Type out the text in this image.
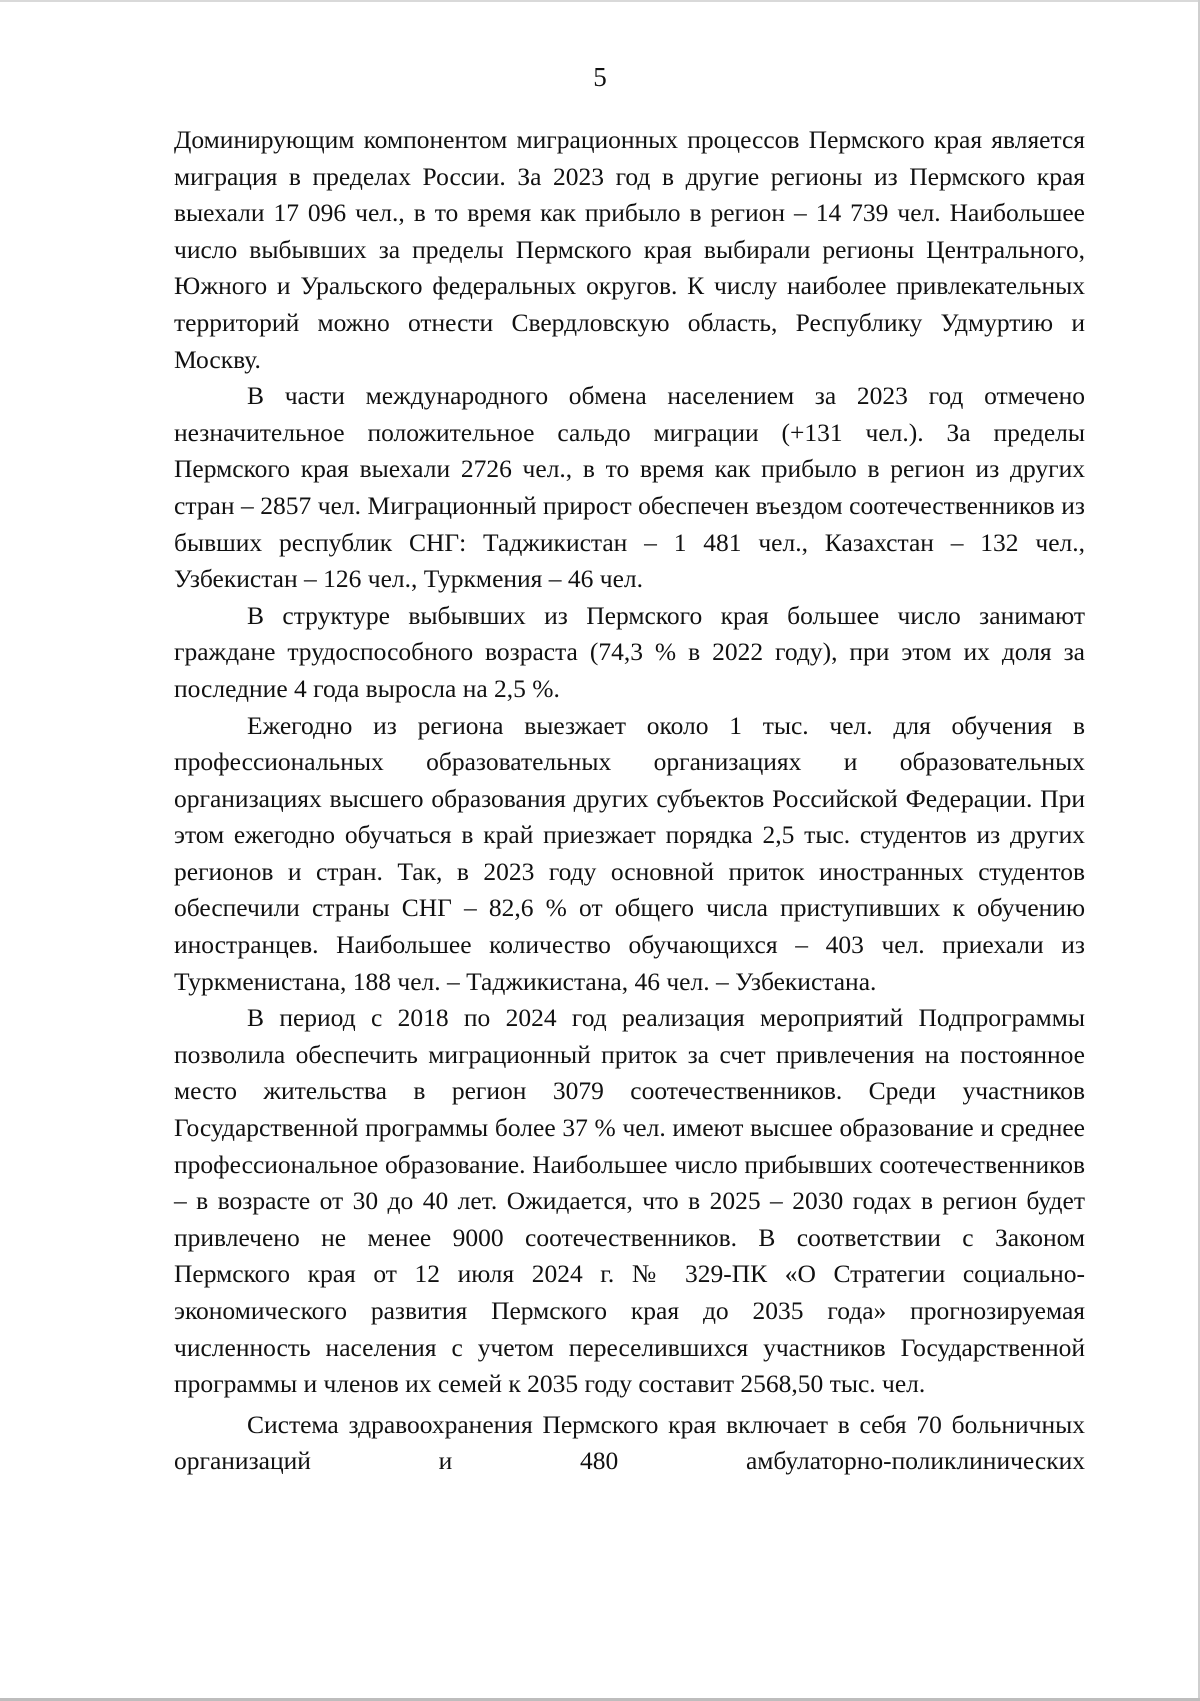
5

Доминирующим компонентом миграционных процессов Пермского края является миграция в пределах России. За 2023 год в другие регионы из Пермского края выехали 17 096 чел., в то время как прибыло в регион – 14 739 чел. Наибольшее число выбывших за пределы Пермского края выбирали регионы Центрального, Южного и Уральского федеральных округов. К числу наиболее привлекательных территорий можно отнести Свердловскую область, Республику Удмуртию и Москву.

В части международного обмена населением за 2023 год отмечено незначительное положительное сальдо миграции (+131 чел.). За пределы Пермского края выехали 2726 чел., в то время как прибыло в регион из других стран – 2857 чел. Миграционный прирост обеспечен въездом соотечественников из бывших республик СНГ: Таджикистан – 1 481 чел., Казахстан – 132 чел., Узбекистан – 126 чел., Туркмения – 46 чел.

В структуре выбывших из Пермского края большее число занимают граждане трудоспособного возраста (74,3 % в 2022 году), при этом их доля за последние 4 года выросла на 2,5 %.

Ежегодно из региона выезжает около 1 тыс. чел. для обучения в профессиональных образовательных организациях и образовательных организациях высшего образования других субъектов Российской Федерации. При этом ежегодно обучаться в край приезжает порядка 2,5 тыс. студентов из других регионов и стран. Так, в 2023 году основной приток иностранных студентов обеспечили страны СНГ – 82,6 % от общего числа приступивших к обучению иностранцев. Наибольшее количество обучающихся – 403 чел. приехали из Туркменистана, 188 чел. – Таджикистана, 46 чел. – Узбекистана.

В период с 2018 по 2024 год реализация мероприятий Подпрограммы позволила обеспечить миграционный приток за счет привлечения на постоянное место жительства в регион 3079 соотечественников. Среди участников Государственной программы более 37 % чел. имеют высшее образование и среднее профессиональное образование. Наибольшее число прибывших соотечественников – в возрасте от 30 до 40 лет. Ожидается, что в 2025 – 2030 годах в регион будет привлечено не менее 9000 соотечественников. В соответствии с Законом Пермского края от 12 июля 2024 г. № 329-ПК «О Стратегии социально-экономического развития Пермского края до 2035 года» прогнозируемая численность населения с учетом переселившихся участников Государственной программы и членов их семей к 2035 году составит 2568,50 тыс. чел.

Система здравоохранения Пермского края включает в себя 70 больничных организаций и 480 амбулаторно-поликлинических
